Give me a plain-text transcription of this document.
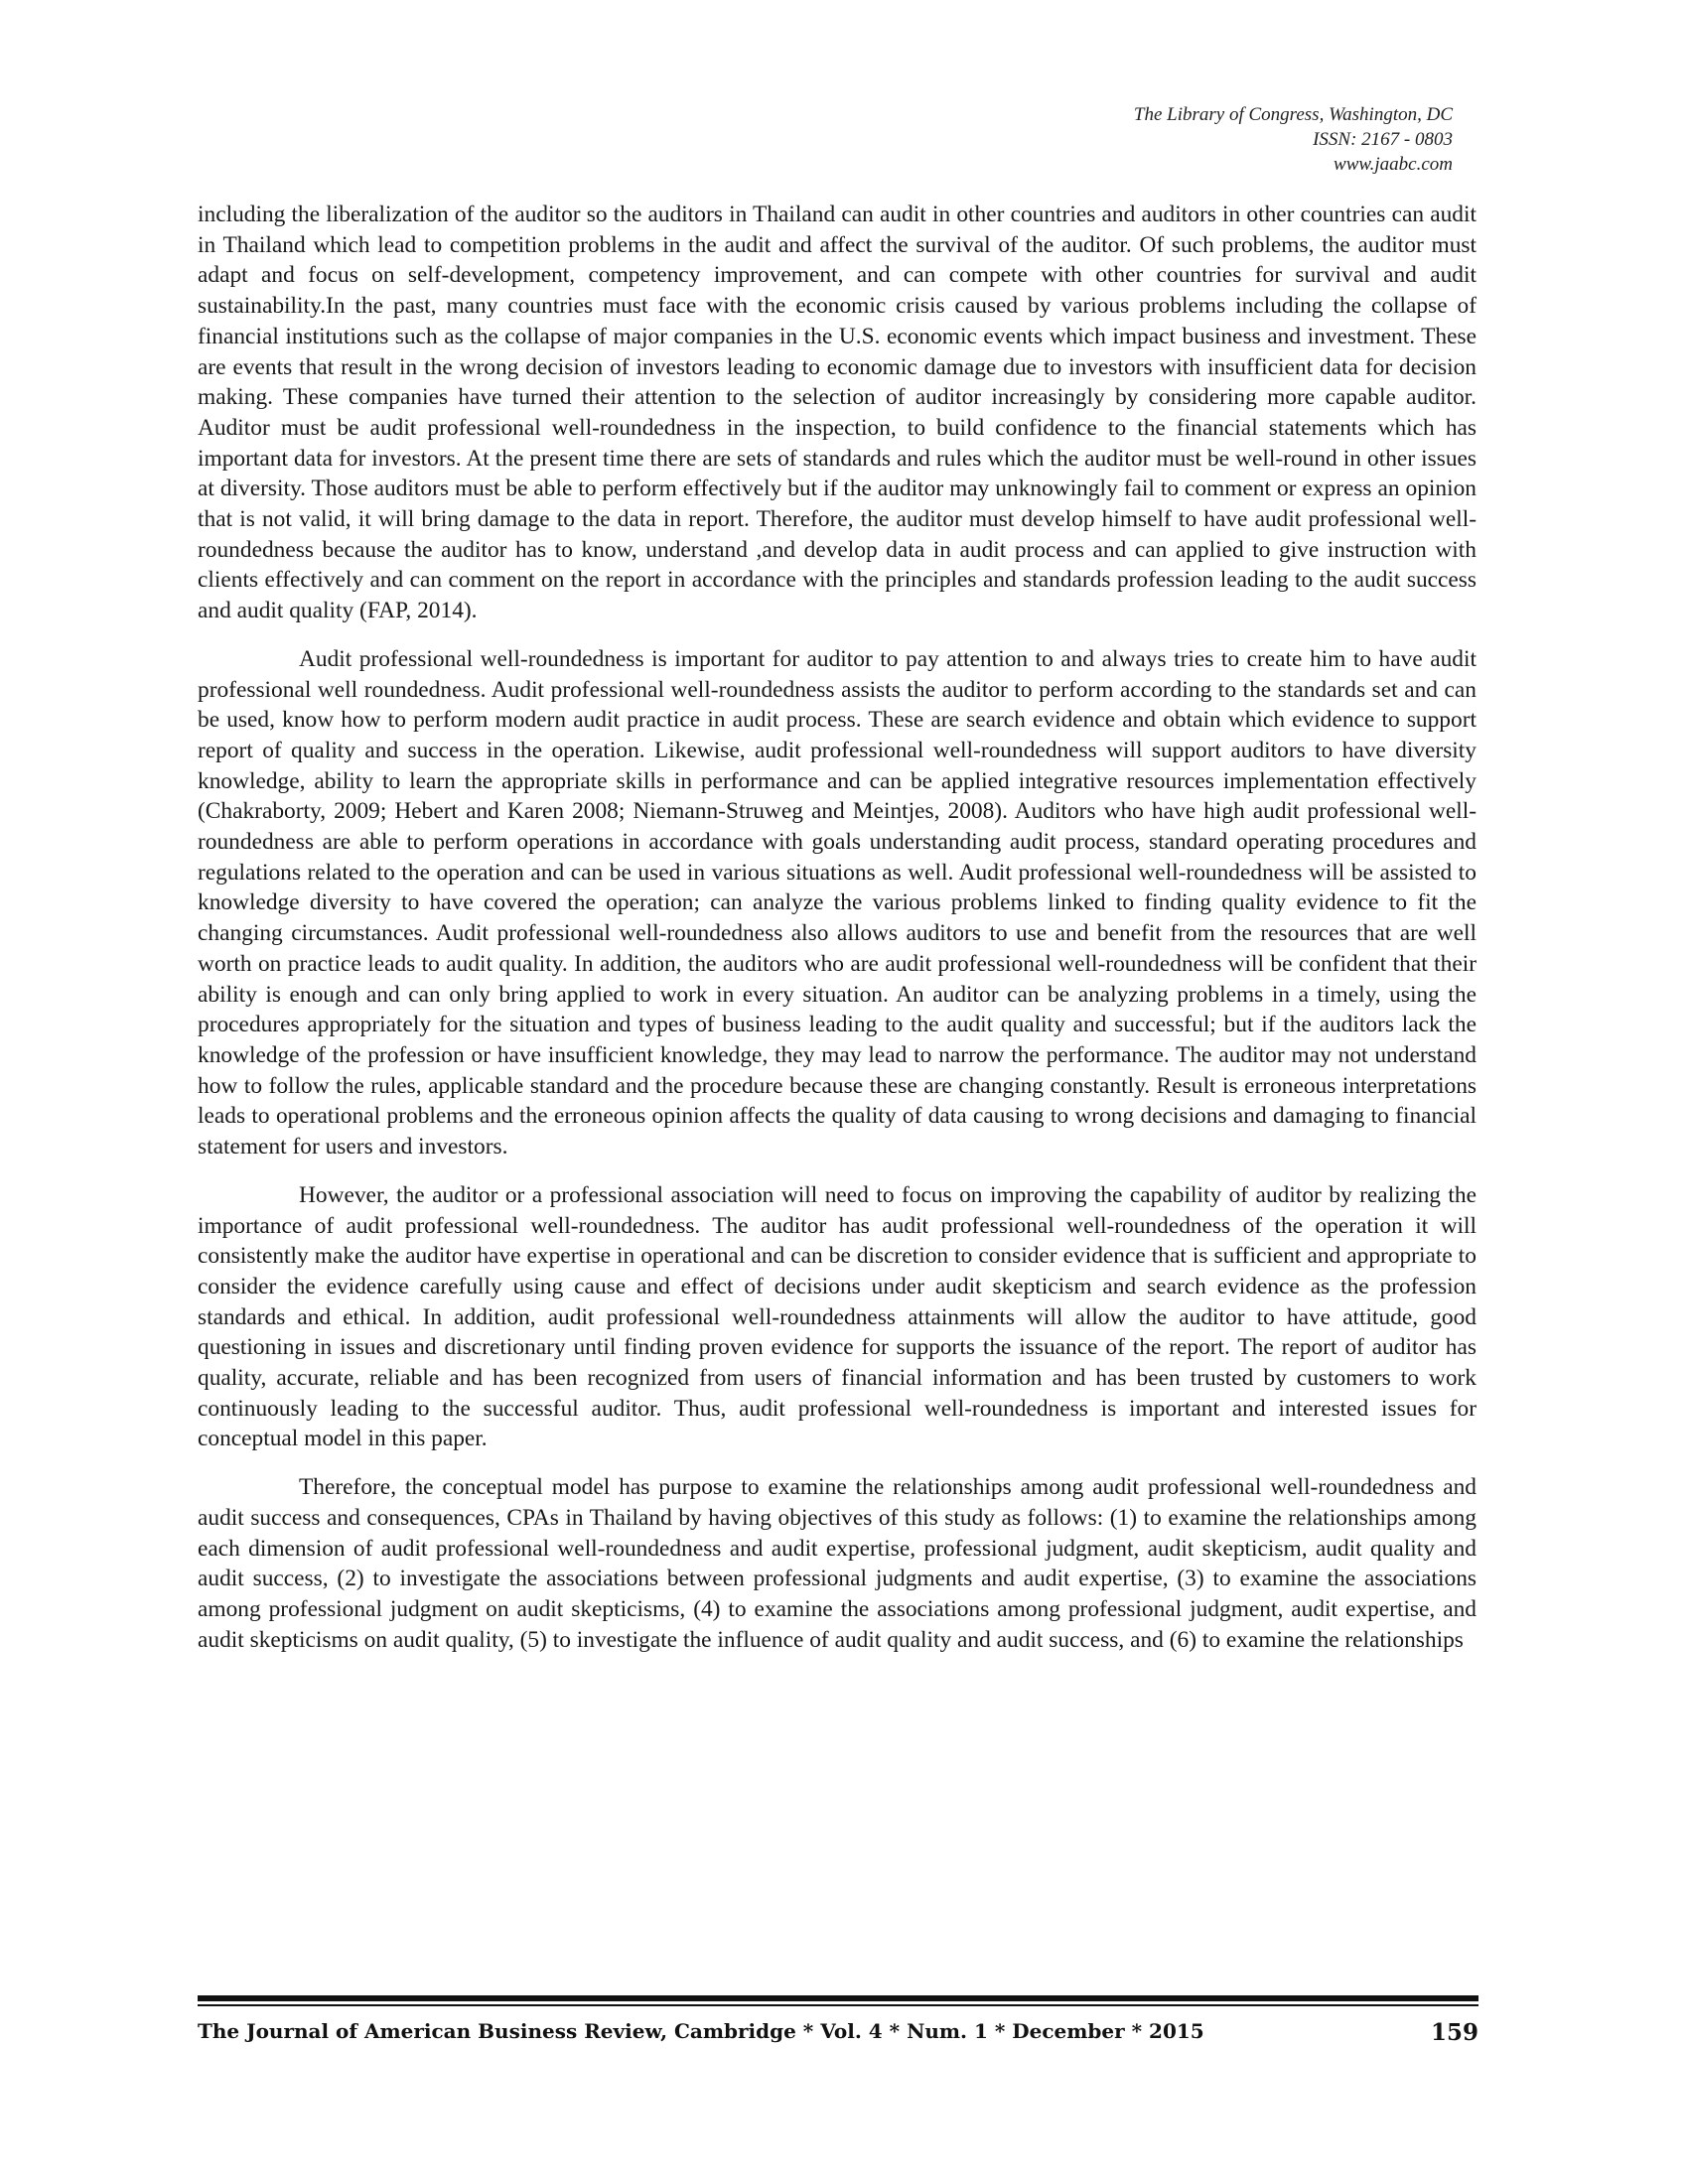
The Library of Congress, Washington, DC
ISSN: 2167 - 0803
www.jaabc.com

including the liberalization of the auditor so the auditors in Thailand can audit in other countries and auditors in other countries can audit in Thailand which lead to competition problems in the audit and affect the survival of the auditor. Of such problems, the auditor must adapt and focus on self-development, competency improvement, and can compete with other countries for survival and audit sustainability.In the past, many countries must face with the economic crisis caused by various problems including the collapse of financial institutions such as the collapse of major companies in the U.S. economic events which impact business and investment. These are events that result in the wrong decision of investors leading to economic damage due to investors with insufficient data for decision making. These companies have turned their attention to the selection of auditor increasingly by considering more capable auditor. Auditor must be audit professional well-roundedness in the inspection, to build confidence to the financial statements which has important data for investors. At the present time there are sets of standards and rules which the auditor must be well-round in other issues at diversity. Those auditors must be able to perform effectively but if the auditor may unknowingly fail to comment or express an opinion that is not valid, it will bring damage to the data in report. Therefore, the auditor must develop himself to have audit professional well-roundedness because the auditor has to know, understand ,and develop data in audit process and can applied to give instruction with clients effectively and can comment on the report in accordance with the principles and standards profession leading to the audit success and audit quality (FAP, 2014).

Audit professional well-roundedness is important for auditor to pay attention to and always tries to create him to have audit professional well roundedness. Audit professional well-roundedness assists the auditor to perform according to the standards set and can be used, know how to perform modern audit practice in audit process. These are search evidence and obtain which evidence to support report of quality and success in the operation. Likewise, audit professional well-roundedness will support auditors to have diversity knowledge, ability to learn the appropriate skills in performance and can be applied integrative resources implementation effectively (Chakraborty, 2009; Hebert and Karen 2008; Niemann-Struweg and Meintjes, 2008). Auditors who have high audit professional well-roundedness are able to perform operations in accordance with goals understanding audit process, standard operating procedures and regulations related to the operation and can be used in various situations as well. Audit professional well-roundedness will be assisted to knowledge diversity to have covered the operation; can analyze the various problems linked to finding quality evidence to fit the changing circumstances. Audit professional well-roundedness also allows auditors to use and benefit from the resources that are well worth on practice leads to audit quality. In addition, the auditors who are audit professional well-roundedness will be confident that their ability is enough and can only bring applied to work in every situation. An auditor can be analyzing problems in a timely, using the procedures appropriately for the situation and types of business leading to the audit quality and successful; but if the auditors lack the knowledge of the profession or have insufficient knowledge, they may lead to narrow the performance. The auditor may not understand how to follow the rules, applicable standard and the procedure because these are changing constantly. Result is erroneous interpretations leads to operational problems and the erroneous opinion affects the quality of data causing to wrong decisions and damaging to financial statement for users and investors.

However, the auditor or a professional association will need to focus on improving the capability of auditor by realizing the importance of audit professional well-roundedness. The auditor has audit professional well-roundedness of the operation it will consistently make the auditor have expertise in operational and can be discretion to consider evidence that is sufficient and appropriate to consider the evidence carefully using cause and effect of decisions under audit skepticism and search evidence as the profession standards and ethical. In addition, audit professional well-roundedness attainments will allow the auditor to have attitude, good questioning in issues and discretionary until finding proven evidence for supports the issuance of the report. The report of auditor has quality, accurate, reliable and has been recognized from users of financial information and has been trusted by customers to work continuously leading to the successful auditor. Thus, audit professional well-roundedness is important and interested issues for conceptual model in this paper.

Therefore, the conceptual model has purpose to examine the relationships among audit professional well-roundedness and audit success and consequences, CPAs in Thailand by having objectives of this study as follows: (1) to examine the relationships among each dimension of audit professional well-roundedness and audit expertise, professional judgment, audit skepticism, audit quality and audit success, (2) to investigate the associations between professional judgments and audit expertise, (3) to examine the associations among professional judgment on audit skepticisms, (4) to examine the associations among professional judgment, audit expertise, and audit skepticisms on audit quality, (5) to investigate the influence of audit quality and audit success, and (6) to examine the relationships

The Journal of American Business Review, Cambridge * Vol. 4 * Num. 1 * December * 2015	159
